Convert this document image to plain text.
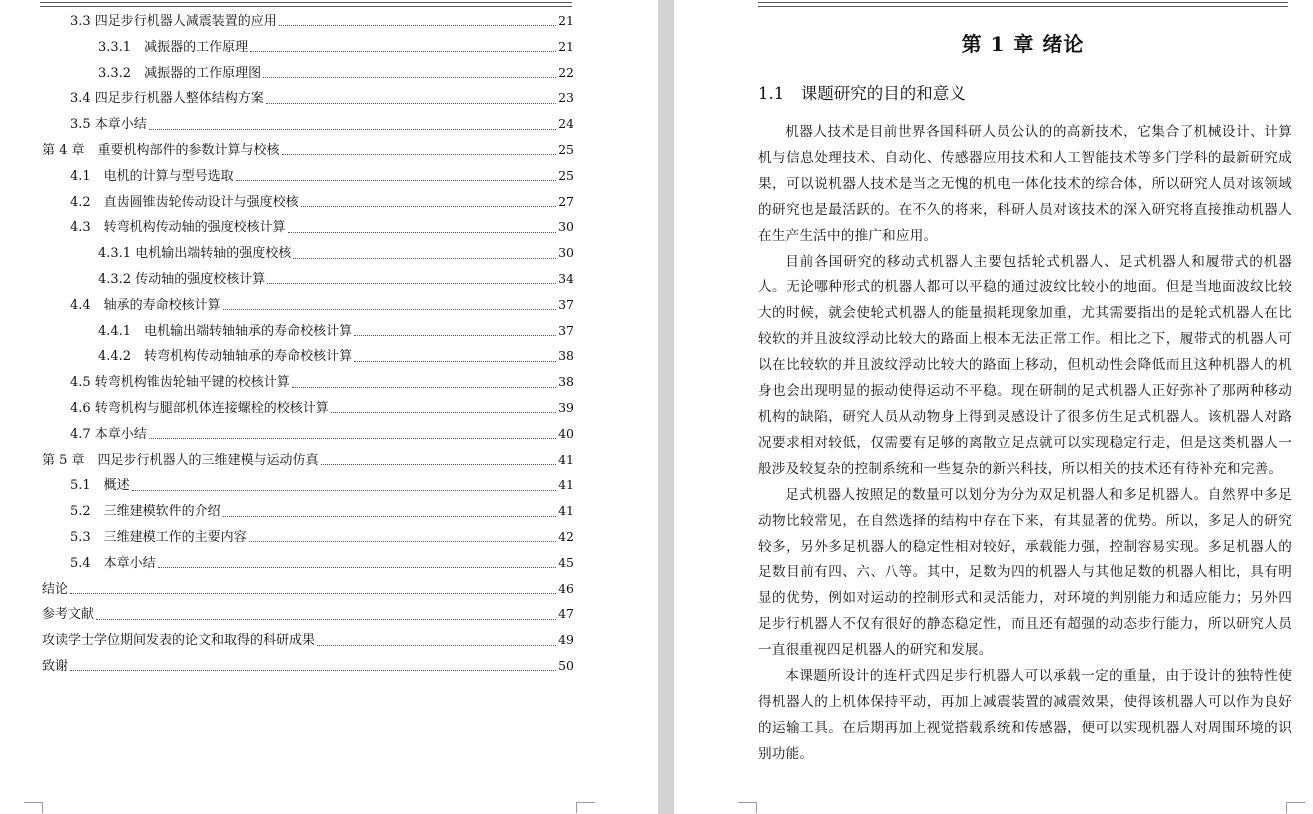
3.3 四足步行机器人减震装置的应用	21
3.3.1　减振器的工作原理	21
3.3.2　减振器的工作原理图	22
3.4 四足步行机器人整体结构方案	23
3.5 本章小结	24
第 4 章　重要机构部件的参数计算与校核	25
4.1　电机的计算与型号选取	25
4.2　直齿圆锥齿轮传动设计与强度校核	27
4.3　转弯机构传动轴的强度校核计算	30
4.3.1 电机输出端转轴的强度校核	30
4.3.2 传动轴的强度校核计算	34
4.4　轴承的寿命校核计算	37
4.4.1　电机输出端转轴轴承的寿命校核计算	37
4.4.2　转弯机构传动轴轴承的寿命校核计算	38
4.5 转弯机构锥齿轮轴平键的校核计算	38
4.6 转弯机构与腿部机体连接螺栓的校核计算	39
4.7 本章小结	40
第 5 章　四足步行机器人的三维建模与运动仿真	41
5.1　概述	41
5.2　三维建模软件的介绍	41
5.3　三维建模工作的主要内容	42
5.4　本章小结	45
结论	46
参考文献	47
攻读学士学位期间发表的论文和取得的科研成果	49
致谢	50
第 1 章 绪论
1.1　课题研究的目的和意义

机器人技术是目前世界各国科研人员公认的的高新技术，它集合了机械设计、计算机与信息处理技术、自动化、传感器应用技术和人工智能技术等多门学科的最新研究成果，可以说机器人技术是当之无愧的机电一体化技术的综合体，所以研究人员对该领域的研究也是最活跃的。在不久的将来，科研人员对该技术的深入研究将直接推动机器人在生产生活中的推广和应用。

目前各国研究的移动式机器人主要包括轮式机器人、足式机器人和履带式的机器人。无论哪种形式的机器人都可以平稳的通过波纹比较小的地面。但是当地面波纹比较大的时候，就会使轮式机器人的能量损耗现象加重，尤其需要指出的是轮式机器人在比较软的并且波纹浮动比较大的路面上根本无法正常工作。相比之下，履带式的机器人可以在比较软的并且波纹浮动比较大的路面上移动，但机动性会降低而且这种机器人的机身也会出现明显的振动使得运动不平稳。现在研制的足式机器人正好弥补了那两种移动机构的缺陷，研究人员从动物身上得到灵感设计了很多仿生足式机器人。该机器人对路况要求相对较低，仅需要有足够的离散立足点就可以实现稳定行走，但是这类机器人一般涉及较复杂的控制系统和一些复杂的新兴科技，所以相关的技术还有待补充和完善。

足式机器人按照足的数量可以划分为分为双足机器人和多足机器人。自然界中多足动物比较常见，在自然选择的结构中存在下来，有其显著的优势。所以，多足人的研究较多，另外多足机器人的稳定性相对较好，承载能力强，控制容易实现。多足机器人的足数目前有四、六、八等。其中，足数为四的机器人与其他足数的机器人相比，具有明显的优势，例如对运动的控制形式和灵活能力，对环境的判别能力和适应能力；另外四足步行机器人不仅有很好的静态稳定性，而且还有超强的动态步行能力，所以研究人员一直很重视四足机器人的研究和发展。

本课题所设计的连杆式四足步行机器人可以承载一定的重量，由于设计的独特性使得机器人的上机体保持平动，再加上减震装置的减震效果，使得该机器人可以作为良好的运输工具。在后期再加上视觉搭载系统和传感器，便可以实现机器人对周围环境的识别功能。
